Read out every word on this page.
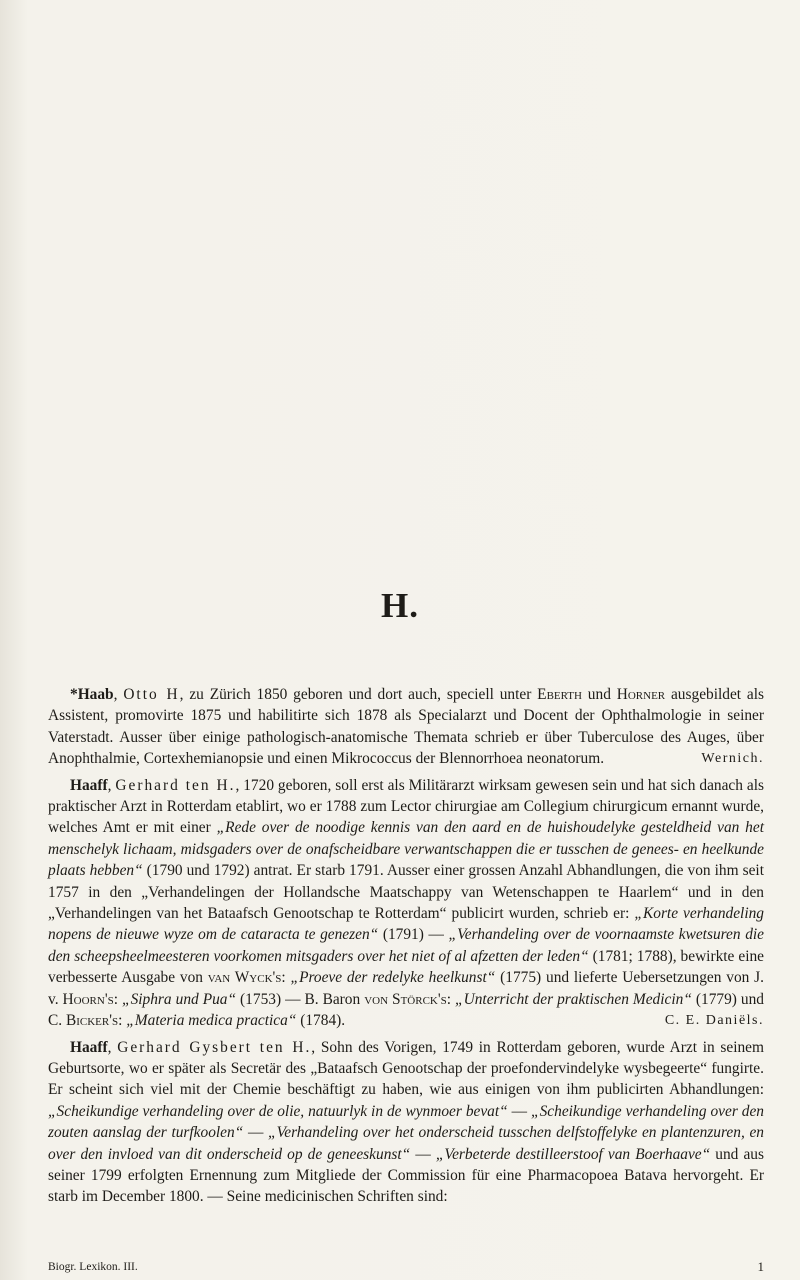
H.

*Haab, Otto H, zu Zürich 1850 geboren und dort auch, speciell unter Eberth und Horner ausgebildet als Assistent, promovirte 1875 und habilitirte sich 1878 als Specialarzt und Docent der Ophthalmologie in seiner Vaterstadt. Ausser über einige pathologisch-anatomische Themata schrieb er über Tuberculose des Auges, über Anophthalmie, Cortexhemianopsie und einen Mikrococcus der Blennorrhoea neonatorum.	Wernich.

Haaff, Gerhard ten H., 1720 geboren, soll erst als Militärarzt wirksam gewesen sein und hat sich danach als praktischer Arzt in Rotterdam etablirt, wo er 1788 zum Lector chirurgiae am Collegium chirurgicum ernannt wurde, welches Amt er mit einer „Rede over de noodige kennis van den aard en de huishoudelyke gesteldheid van het menschelyk lichaam, midsgaders over de onafscheidbare verwantschappen die er tusschen de genees- en heelkunde plaats hebben“ (1790 und 1792) antrat. Er starb 1791. Ausser einer grossen Anzahl Abhandlungen, die von ihm seit 1757 in den „Verhandelingen der Hollandsche Maatschappy van Wetenschappen te Haarlem“ und in den „Verhandelingen van het Bataafsch Genootschap te Rotterdam“ publicirt wurden, schrieb er: „Korte verhandeling nopens de nieuwe wyze om de cataracta te genezen“ (1791) — „Verhandeling over de voornaamste kwetsuren die den scheepsheelmeesteren voorkomen mitsgaders over het niet of al afzetten der leden“ (1781; 1788), bewirkte eine verbesserte Ausgabe von van Wyck's: „Proeve der redelyke heelkunst“ (1775) und lieferte Uebersetzungen von J. v. Hoorn's: „Siphra und Pua“ (1753) — B. Baron von Störck's: „Unterricht der praktischen Medicin“ (1779) und C. Bicker's: „Materia medica practica“ (1784).	C. E. Daniëls.

Haaff, Gerhard Gysbert ten H., Sohn des Vorigen, 1749 in Rotterdam geboren, wurde Arzt in seinem Geburtsorte, wo er später als Secretär des „Bataafsch Genootschap der proefondervindelyke wysbegeerte“ fungirte. Er scheint sich viel mit der Chemie beschäftigt zu haben, wie aus einigen von ihm publicirten Abhandlungen: „Scheikundige verhandeling over de olie, natuurlyk in de wynmoer bevat“ — „Scheikundige verhandeling over den zouten aanslag der turfkoolen“ — „Verhandeling over het onderscheid tusschen delfstoffelyke en plantenzuren, en over den invloed van dit onderscheid op de geneeskunst“ — „Verbeterde destilleerstoof van Boerhaave“ und aus seiner 1799 erfolgten Ernennung zum Mitgliede der Commission für eine Pharmacopoea Batava hervorgeht. Er starb im December 1800. — Seine medicinischen Schriften sind:

Biogr. Lexikon. III.	1
